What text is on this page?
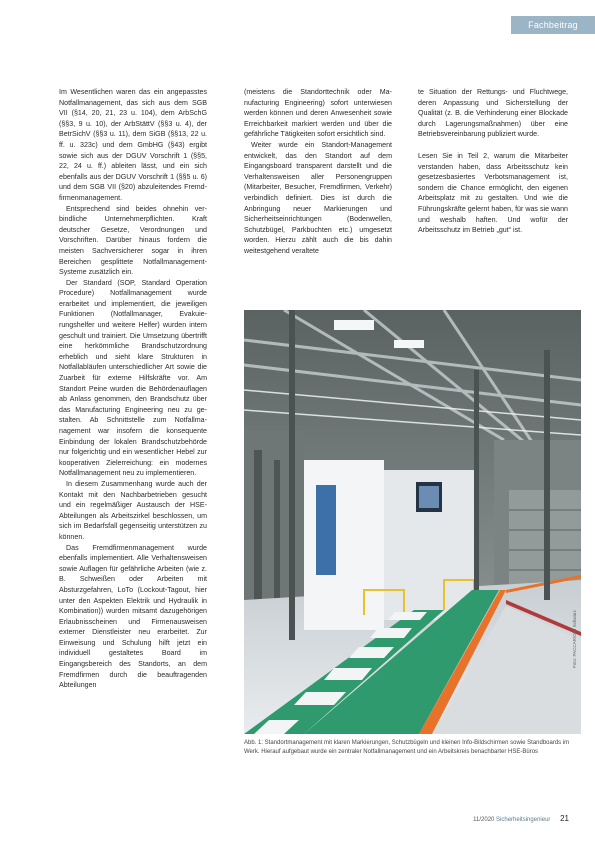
Fachbeitrag

Im Wesentlichen waren das ein angepasstes Notfallmanagement, das sich aus dem SGB VII (§14, 20, 21, 23 u. 104), dem ArbSchG (§§3, 9 u. 10), der ArbStättV (§§3 u. 4), der BetrSichV (§§3 u. 11), dem SiGB (§§13, 22 u. ff. u. 323c) und dem GmbHG (§43) ergibt sowie sich aus der DGUV Vorschrift 1 (§§5, 22, 24 u. ff.) ableiten lässt, und ein sich ebenfalls aus der DGUV Vorschrift 1 (§§5 u. 6) und dem SGB VII (§20) abzuleitendes Fremdfirmenmanagement.

Entsprechend sind beides ohnehin verbindliche Unternehmerpflichten. Kraft deutscher Gesetze, Verordnungen und Vorschriften. Darüber hinaus fordern die meisten Sachversicherer sogar in ihren Bereichen gesplittete Notfallmanagement-Systeme zusätzlich ein.

Der Standard (SOP, Standard Operation Procedure) Notfallmanagement wurde erarbeitet und implementiert, die jeweiligen Funktionen (Notfallmanager, Evakuierungshelfer und weitere Helfer) wurden intern geschult und trainiert. Die Umsetzung übertrifft eine herkömmliche Brandschutzordnung erheblich und sieht klare Strukturen in Notfallabläufen unterschiedlicher Art sowie die Zuarbeit für externe Hilfskräfte vor. Am Standort Peine wurden die Behördenauflagen ab Anlass genommen, den Brandschutz über das Manufacturing Engineering neu zu gestalten. Ab Schnittstelle zum Notfallmanagement war insofern die konsequente Einbindung der lokalen Brandschutzbehörde nur folgerichtig und ein wesentlicher Hebel zur kooperativen Zielerreichung: ein modernes Notfallmanagement neu zu implementieren.

In diesem Zusammenhang wurde auch der Kontakt mit den Nachbarbetrieben gesucht und ein regelmäßiger Austausch der HSE-Abteilungen als Arbeitszirkel beschlossen, um sich im Bedarfsfall gegenseitig unterstützen zu können.

Das Fremdfirmenmanagement wurde ebenfalls implementiert. Alle Verhaltensweisen sowie Auflagen für gefährliche Arbeiten (wie z. B. Schweißen oder Arbeiten mit Absturzgefahren, LoTo (Lockout-Tagout, hier unter den Aspekten Elektrik und Hydraulik in Kombination)) wurden mitsamt dazugehörigen Erlaubnisscheinen und Firmenausweisen externer Dienstleister neu erarbeitet. Zur Einweisung und Schulung hilft jetzt ein individuell gestaltetes Board im Eingangsbereich des Standorts, an dem Fremdfirmen durch die beauftragenden Abteilungen

(meistens die Standorttechnik oder Manufacturing Engineering) sofort unterwiesen werden können und deren Anwesenheit sowie Erreichbarkeit markiert werden und über die gefährliche Tätigkeiten sofort ersichtlich sind.

Weiter wurde ein Standort-Management entwickelt, das den Standort auf dem Eingangsboard transparent darstellt und die Verhaltensweisen aller Personengruppen (Mitarbeiter, Besucher, Fremdfirmen, Verkehr) verbindlich definiert. Dies ist durch die Anbringung neuer Markierungen und Sicherheitseinrichtungen (Bodenwellen, Schutzbügel, Parkbuchten etc.) umgesetzt worden. Hierzu zählt auch die bis dahin weitestgehend veraltete

te Situation der Rettungs- und Fluchtwege, deren Anpassung und Sicherstellung der Qualität (z. B. die Verhinderung einer Blockade durch Lagerungsmaßnahmen) über eine Betriebsvereinbarung publiziert wurde.

Lesen Sie in Teil 2, warum die Mitarbeiter verstanden haben, dass Arbeitsschutz kein gesetzesbasiertes Verbotsmanagement ist, sondern die Chance ermöglicht, den eigenen Arbeitsplatz mit zu gestalten. Und wie die Führungskräfte gelernt haben, für was sie wann und weshalb haften. Und wofür der Arbeitsschutz im Betrieb „gut“ ist.

Foto: PACCAR/Olaf Schwarz
Abb. 1: Standortmanagement mit klaren Markierungen, Schutzbügeln und kleinen Info-Bildschirmen sowie Standboards im Werk. Hierauf aufgebaut wurde ein zentraler Notfallmanagement und ein Arbeitskreis benachbarter HSE-Büros
11/2020 Sicherheitsingenieur 21
